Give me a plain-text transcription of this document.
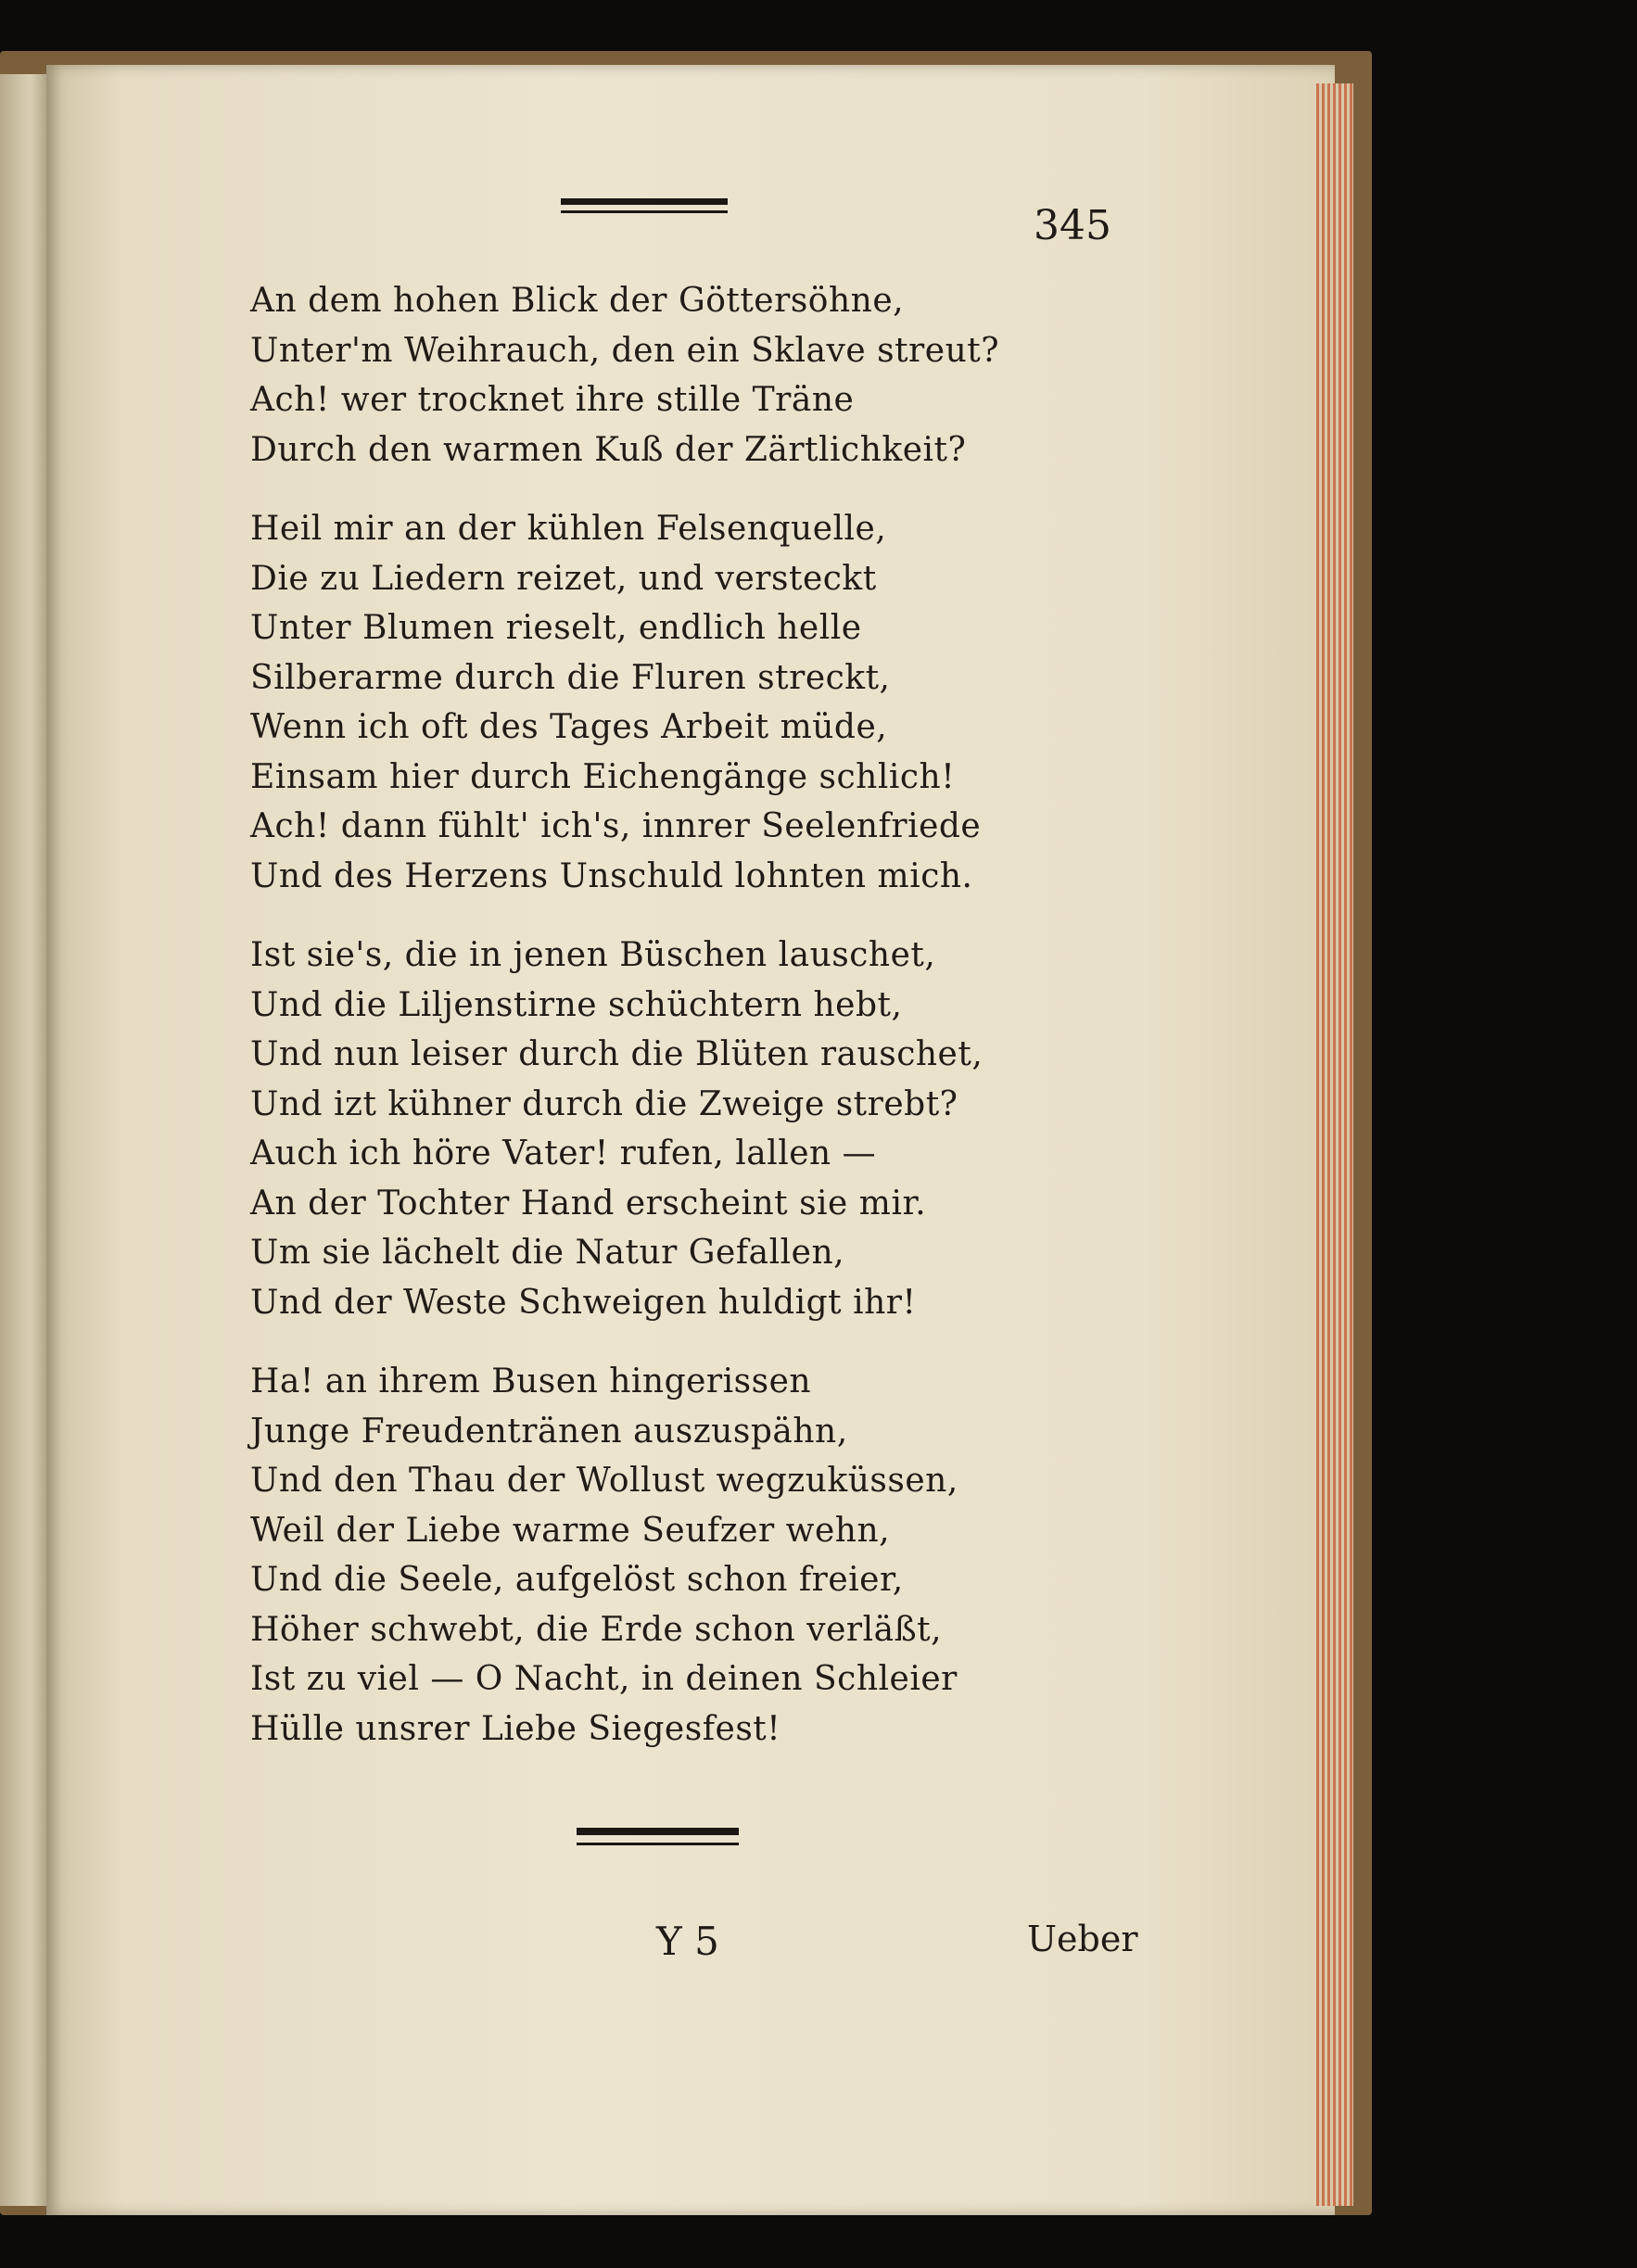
345
An dem hohen Blick der Göttersöhne,
Unter'm Weihrauch, den ein Sklave streut?
Ach! wer trocknet ihre stille Träne
Durch den warmen Kuß der Zärtlichkeit?
Heil mir an der kühlen Felsenquelle,
Die zu Liedern reizet, und versteckt
Unter Blumen rieselt, endlich helle
Silberarme durch die Fluren streckt,
Wenn ich oft des Tages Arbeit müde,
Einsam hier durch Eichengänge schlich!
Ach! dann fühlt' ich's, innrer Seelenfriede
Und des Herzens Unschuld lohnten mich.
Ist sie's, die in jenen Büschen lauschet,
Und die Liljenstirne schüchtern hebt,
Und nun leiser durch die Blüten rauschet,
Und izt kühner durch die Zweige strebt?
Auch ich höre Vater! rufen, lallen —
An der Tochter Hand erscheint sie mir.
Um sie lächelt die Natur Gefallen,
Und der Weste Schweigen huldigt ihr!
Ha! an ihrem Busen hingerissen
Junge Freudentränen auszuspähn,
Und den Thau der Wollust wegzuküssen,
Weil der Liebe warme Seufzer wehn,
Und die Seele, aufgelöst schon freier,
Höher schwebt, die Erde schon verläßt,
Ist zu viel — O Nacht, in deinen Schleier
Hülle unsrer Liebe Siegesfest!
Y 5	Ueber
